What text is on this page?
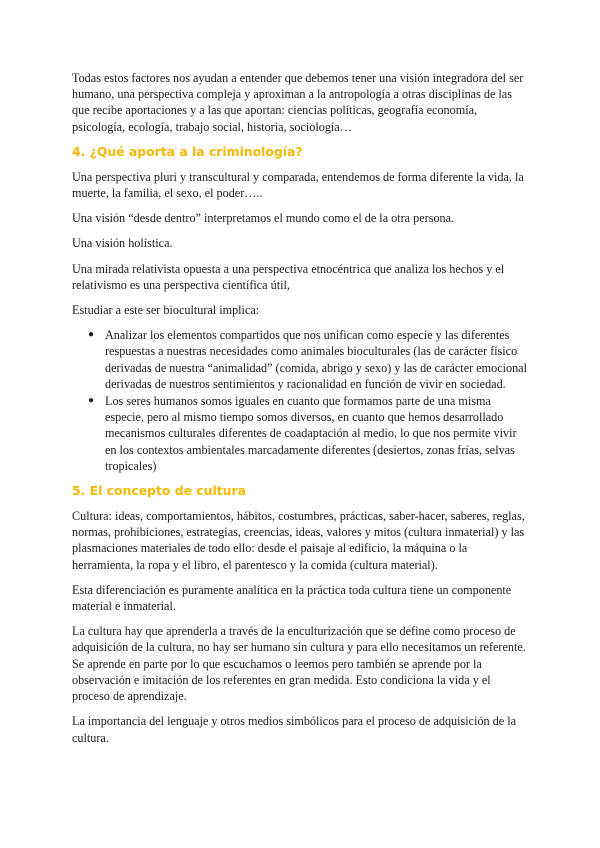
Todas estos factores nos ayudan a entender que debemos tener una visión integradora del ser humano, una perspectiva compleja y aproximan a la antropología a otras disciplinas de las que recibe aportaciones y a las que aportan: ciencias políticas, geografía economía, psicología, ecología, trabajo social, historia, sociología…

4. ¿Qué aporta a la criminología?

Una perspectiva pluri y transcultural y comparada, entendemos de forma diferente la vida, la muerte, la familia, el sexo, el poder…..

Una visión “desde dentro” interpretamos el mundo como el de la otra persona.

Una visión holística.

Una mirada relativista opuesta a una perspectiva etnocéntrica que analiza los hechos y el relativismo es una perspectiva científica útil,

Estudiar a este ser biocultural implica:

● Analizar los elementos compartidos que nos unifican como especie y las diferentes respuestas a nuestras necesidades como animales bioculturales (las de carácter físico derivadas de nuestra “animalidad” (comida, abrigo y sexo) y las de carácter emocional derivadas de nuestros sentimientos y racionalidad en función de vivir en sociedad.
● Los seres humanos somos iguales en cuanto que formamos parte de una misma especie, pero al mismo tiempo somos diversos, en cuanto que hemos desarrollado mecanismos culturales diferentes de coadaptación al medio, lo que nos permite vivir en los contextos ambientales marcadamente diferentes (desiertos, zonas frías, selvas tropicales)
5. El concepto de cultura

Cultura: ideas, comportamientos, hábitos, costumbres, prácticas, saber-hacer, saberes, reglas, normas, prohibiciones, estrategias, creencias, ideas, valores y mitos (cultura inmaterial) y las plasmaciones materiales de todo ello: desde el paisaje al edificio, la máquina o la herramienta, la ropa y el libro, el parentesco y la comida (cultura material).

Esta diferenciación es puramente analítica en la práctica toda cultura tiene un componente material e inmaterial.

La cultura hay que aprenderla a través de la enculturización que se define como proceso de adquisición de la cultura, no hay ser humano sin cultura y para ello necesitamos un referente. Se aprende en parte por lo que escuchamos o leemos pero también se aprende por la observación e imitación de los referentes en gran medida. Esto condiciona la vida y el proceso de aprendizaje.

La importancia del lenguaje y otros medios simbólicos para el proceso de adquisición de la cultura.
